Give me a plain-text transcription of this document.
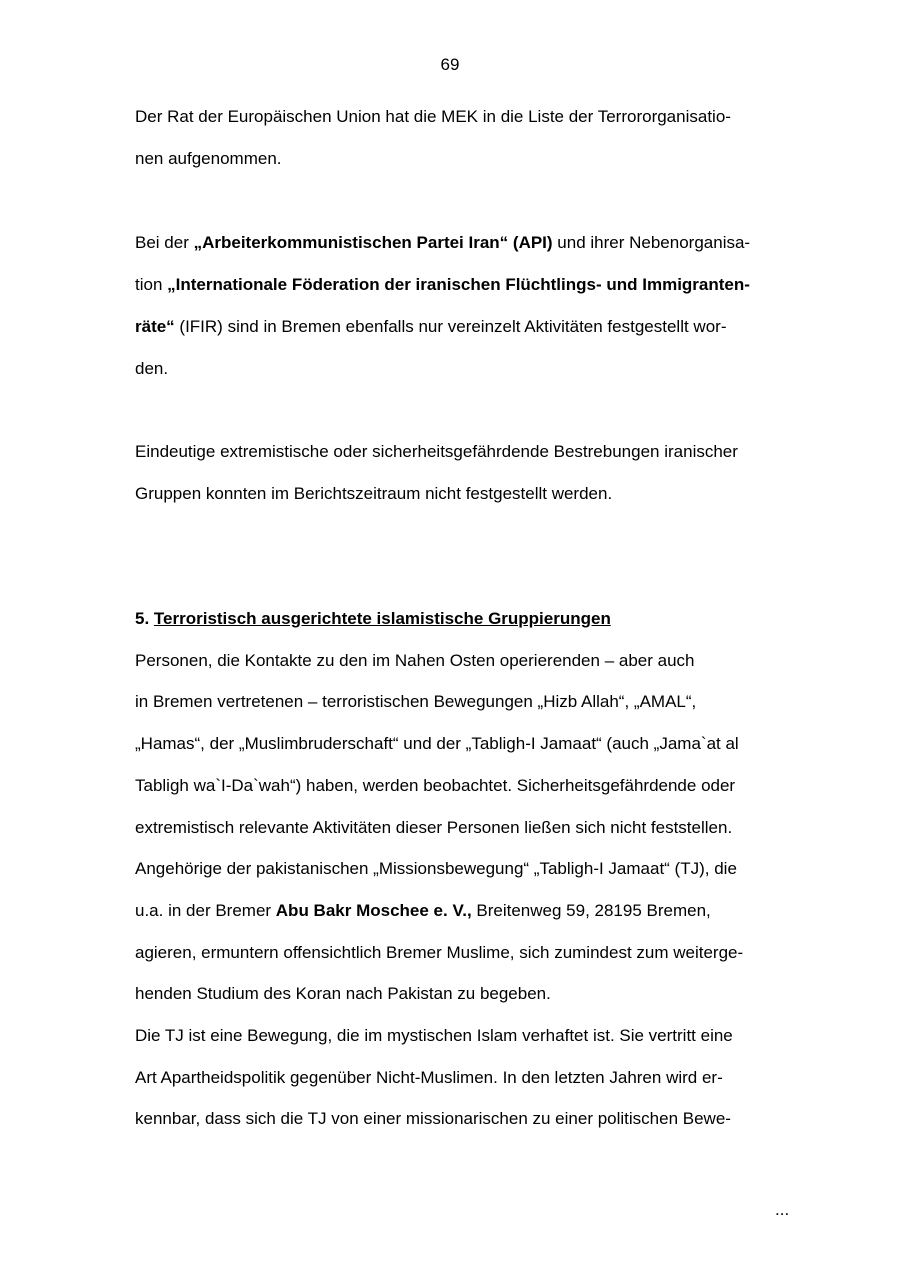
69
Der Rat der Europäischen Union hat die MEK in die Liste der Terrororganisatio-
nen aufgenommen.
Bei der „Arbeiterkommunistischen Partei Iran“ (API) und ihrer Nebenorganisa-
tion „Internationale Föderation der iranischen Flüchtlings- und Immigranten-
räte“ (IFIR) sind in Bremen ebenfalls nur vereinzelt Aktivitäten festgestellt wor-
den.
Eindeutige extremistische oder sicherheitsgefährdende Bestrebungen iranischer
Gruppen konnten im Berichtszeitraum nicht festgestellt werden.
5. Terroristisch ausgerichtete islamistische Gruppierungen
Personen, die Kontakte zu den im Nahen Osten operierenden – aber auch
in Bremen vertretenen – terroristischen Bewegungen „Hizb Allah“, „AMAL“,
„Hamas“, der „Muslimbruderschaft“ und der „Tabligh-I Jamaat“ (auch „Jama`at al
Tabligh wa`I-Da`wah“) haben, werden beobachtet. Sicherheitsgefährdende oder
extremistisch relevante Aktivitäten dieser Personen ließen sich nicht feststellen.
Angehörige der pakistanischen „Missionsbewegung“ „Tabligh-I Jamaat“ (TJ), die
u.a. in der Bremer Abu Bakr Moschee e. V., Breitenweg 59, 28195 Bremen,
agieren, ermuntern offensichtlich Bremer Muslime, sich zumindest zum weiterge-
henden Studium des Koran nach Pakistan zu begeben.
Die TJ ist eine Bewegung, die im mystischen Islam verhaftet ist. Sie vertritt eine
Art Apartheidspolitik gegenüber Nicht-Muslimen. In den letzten Jahren wird er-
kennbar, dass sich die TJ von einer missionarischen zu einer politischen Bewe-
...
